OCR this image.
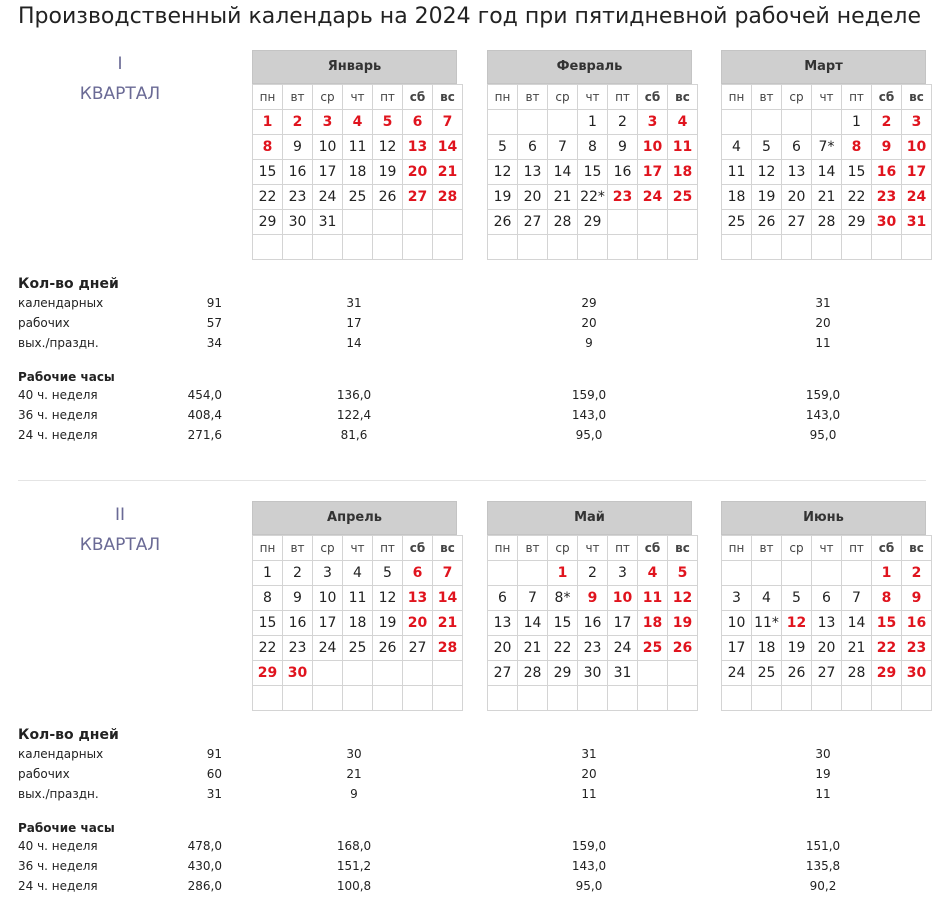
Производственный календарь на 2024 год при пятидневной рабочей неделе
I
КВАРТАЛ
Январь
пн	вт	ср	чт	пт	сб	вс
1	2	3	4	5	6	7
8	9	10	11	12	13	14
15	16	17	18	19	20	21
22	23	24	25	26	27	28
29	30	31				

Февраль
пн	вт	ср	чт	пт	сб	вс
			1	2	3	4
5	6	7	8	9	10	11
12	13	14	15	16	17	18
19	20	21	22*	23	24	25
26	27	28	29			

Март
пн	вт	ср	чт	пт	сб	вс
				1	2	3
4	5	6	7*	8	9	10
11	12	13	14	15	16	17
18	19	20	21	22	23	24
25	26	27	28	29	30	31

Кол-во дней
календарных	91	31	29	31
рабочих	57	17	20	20
вых./праздн.	34	14	9	11
Рабочие часы
40 ч. неделя	454,0	136,0	159,0	159,0
36 ч. неделя	408,4	122,4	143,0	143,0
24 ч. неделя	271,6	81,6	95,0	95,0
II
КВАРТАЛ
Апрель
пн	вт	ср	чт	пт	сб	вс
1	2	3	4	5	6	7
8	9	10	11	12	13	14
15	16	17	18	19	20	21
22	23	24	25	26	27	28
29	30					

Май
пн	вт	ср	чт	пт	сб	вс
		1	2	3	4	5
6	7	8*	9	10	11	12
13	14	15	16	17	18	19
20	21	22	23	24	25	26
27	28	29	30	31		

Июнь
пн	вт	ср	чт	пт	сб	вс
					1	2
3	4	5	6	7	8	9
10	11*	12	13	14	15	16
17	18	19	20	21	22	23
24	25	26	27	28	29	30

Кол-во дней
календарных	91	30	31	30
рабочих	60	21	20	19
вых./праздн.	31	9	11	11
Рабочие часы
40 ч. неделя	478,0	168,0	159,0	151,0
36 ч. неделя	430,0	151,2	143,0	135,8
24 ч. неделя	286,0	100,8	95,0	90,2
